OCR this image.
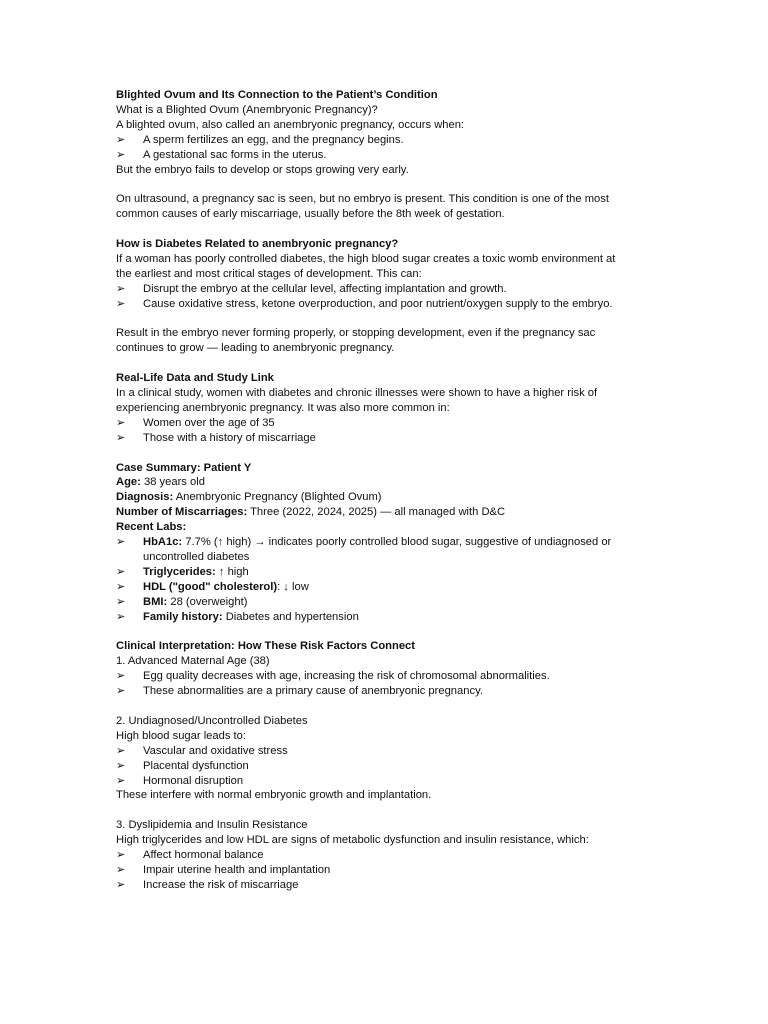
Blighted Ovum and Its Connection to the Patient’s Condition
What is a Blighted Ovum (Anembryonic Pregnancy)?
A blighted ovum, also called an anembryonic pregnancy, occurs when:
➢ A sperm fertilizes an egg, and the pregnancy begins.
➢ A gestational sac forms in the uterus.
But the embryo fails to develop or stops growing very early.
On ultrasound, a pregnancy sac is seen, but no embryo is present. This condition is one of the most
common causes of early miscarriage, usually before the 8th week of gestation.
How is Diabetes Related to anembryonic pregnancy?
If a woman has poorly controlled diabetes, the high blood sugar creates a toxic womb environment at
the earliest and most critical stages of development. This can:
➢ Disrupt the embryo at the cellular level, affecting implantation and growth.
➢ Cause oxidative stress, ketone overproduction, and poor nutrient/oxygen supply to the embryo.
Result in the embryo never forming properly, or stopping development, even if the pregnancy sac
continues to grow — leading to anembryonic pregnancy.
Real-Life Data and Study Link
In a clinical study, women with diabetes and chronic illnesses were shown to have a higher risk of
experiencing anembryonic pregnancy. It was also more common in:
➢ Women over the age of 35
➢ Those with a history of miscarriage
Case Summary: Patient Y
Age: 38 years old
Diagnosis: Anembryonic Pregnancy (Blighted Ovum)
Number of Miscarriages: Three (2022, 2024, 2025) — all managed with D&C
Recent Labs:
➢ HbA1c: 7.7% (↑ high) → indicates poorly controlled blood sugar, suggestive of undiagnosed or
uncontrolled diabetes
➢ Triglycerides: ↑ high
➢ HDL ("good" cholesterol): ↓ low
➢ BMI: 28 (overweight)
➢ Family history: Diabetes and hypertension
Clinical Interpretation: How These Risk Factors Connect
1. Advanced Maternal Age (38)
➢ Egg quality decreases with age, increasing the risk of chromosomal abnormalities.
➢ These abnormalities are a primary cause of anembryonic pregnancy.
2. Undiagnosed/Uncontrolled Diabetes
High blood sugar leads to:
➢ Vascular and oxidative stress
➢ Placental dysfunction
➢ Hormonal disruption
These interfere with normal embryonic growth and implantation.
3. Dyslipidemia and Insulin Resistance
High triglycerides and low HDL are signs of metabolic dysfunction and insulin resistance, which:
➢ Affect hormonal balance
➢ Impair uterine health and implantation
➢ Increase the risk of miscarriage
